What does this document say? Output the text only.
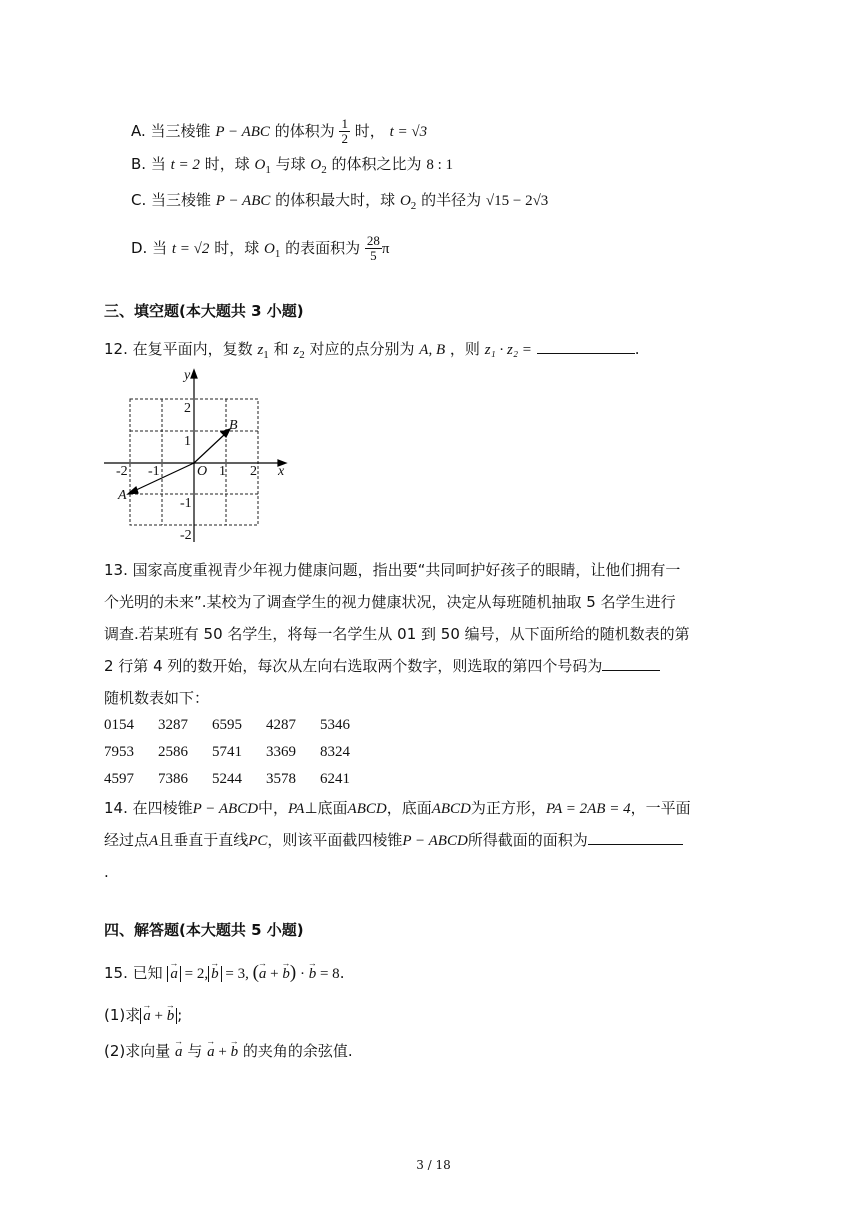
A. 当三棱锥 P − ABC 的体积为 $\frac{1}{2}$ 时， t = √3
B. 当 t = 2 时，球 $O_1$ 与球 $O_2$ 的体积之比为 8 : 1
C. 当三棱锥 P − ABC 的体积最大时，球 $O_2$ 的半径为 √15 − 2√3
D. 当 t = √2 时，球 $O_1$ 的表面积为 $\frac{28}{5}$ π
三、填空题(本大题共 3 小题)
12. 在复平面内，复数 $z_1$ 和 $z_2$ 对应的点分别为 A, B ，则 z₁ · z₂ =	.
y
x
O
B
A
-2 -1	1 2
2
1
-1
-2
13. 国家高度重视青少年视力健康问题，指出要“共同呵护好孩子的眼睛，让他们拥有一
个光明的未来”.某校为了调查学生的视力健康状况，决定从每班随机抽取 5 名学生进行
调查.若某班有 50 名学生，将每一名学生从 01 到 50 编号，从下面所给的随机数表的第
2 行第 4 列的数开始，每次从左向右选取两个数字，则选取的第四个号码为
随机数表如下：
0154	3287	6595	4287	5346
7953	2586	5741	3369	8324
4597	7386	5244	3578	6241
14. 在四棱锥P − ABCD中，PA⊥底面ABCD，底面ABCD为正方形，PA = 2AB = 4，一平面
经过点A且垂直于直线PC，则该平面截四棱锥P − ABCD所得截面的面积为
.
四、解答题(本大题共 5 小题)
15. 已知 → a = 2, → b = 3, (→ a + → b) · → b = 8.
(1)求 → a + → b ;
(2)求向量 → a 与 → a + → b 的夹角的余弦值.
3 / 18
